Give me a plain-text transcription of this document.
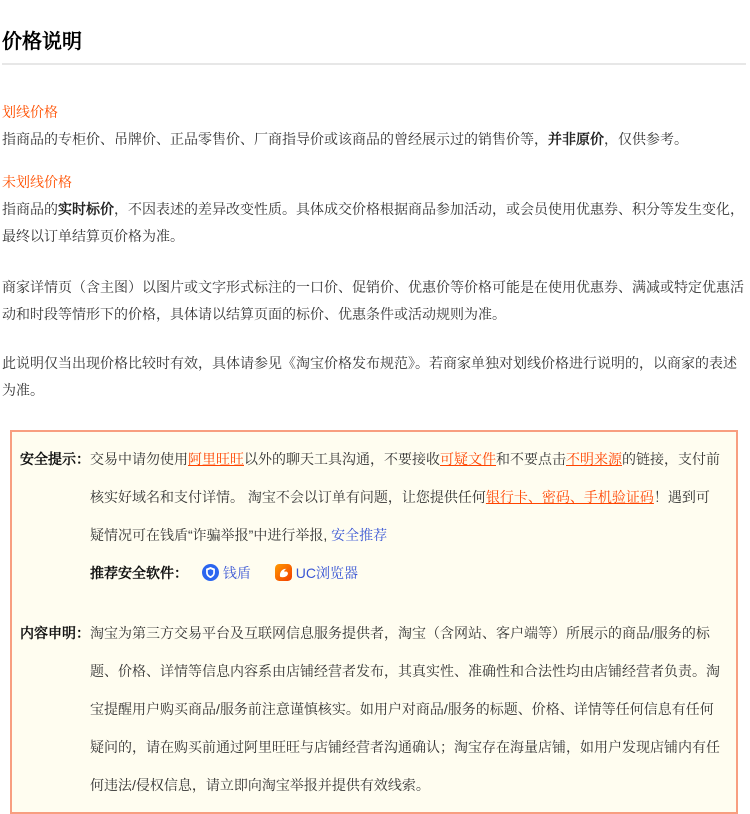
价格说明
划线价格

指商品的专柜价、吊牌价、正品零售价、厂商指导价或该商品的曾经展示过的销售价等，并非原价，仅供参考。

未划线价格

指商品的实时标价，不因表述的差异改变性质。具体成交价格根据商品参加活动，或会员使用优惠券、积分等发生变化，最终以订单结算页价格为准。

商家详情页（含主图）以图片或文字形式标注的一口价、促销价、优惠价等价格可能是在使用优惠券、满减或特定优惠活动和时段等情形下的价格，具体请以结算页面的标价、优惠条件或活动规则为准。

此说明仅当出现价格比较时有效，具体请参见《淘宝价格发布规范》。若商家单独对划线价格进行说明的，以商家的表述为准。

安全提示： 交易中请勿使用阿里旺旺以外的聊天工具沟通，不要接收可疑文件和不要点击不明来源的链接，支付前核实好域名和支付详情。 淘宝不会以订单有问题，让您提供任何银行卡、密码、手机验证码！遇到可疑情况可在钱盾“诈骗举报”中进行举报, 安全推荐
推荐安全软件： 钱盾	UC浏览器
内容申明： 淘宝为第三方交易平台及互联网信息服务提供者，淘宝（含网站、客户端等）所展示的商品/服务的标题、价格、详情等信息内容系由店铺经营者发布，其真实性、准确性和合法性均由店铺经营者负责。淘宝提醒用户购买商品/服务前注意谨慎核实。如用户对商品/服务的标题、价格、详情等任何信息有任何疑问的，请在购买前通过阿里旺旺与店铺经营者沟通确认；淘宝存在海量店铺，如用户发现店铺内有任何违法/侵权信息，请立即向淘宝举报并提供有效线索。
